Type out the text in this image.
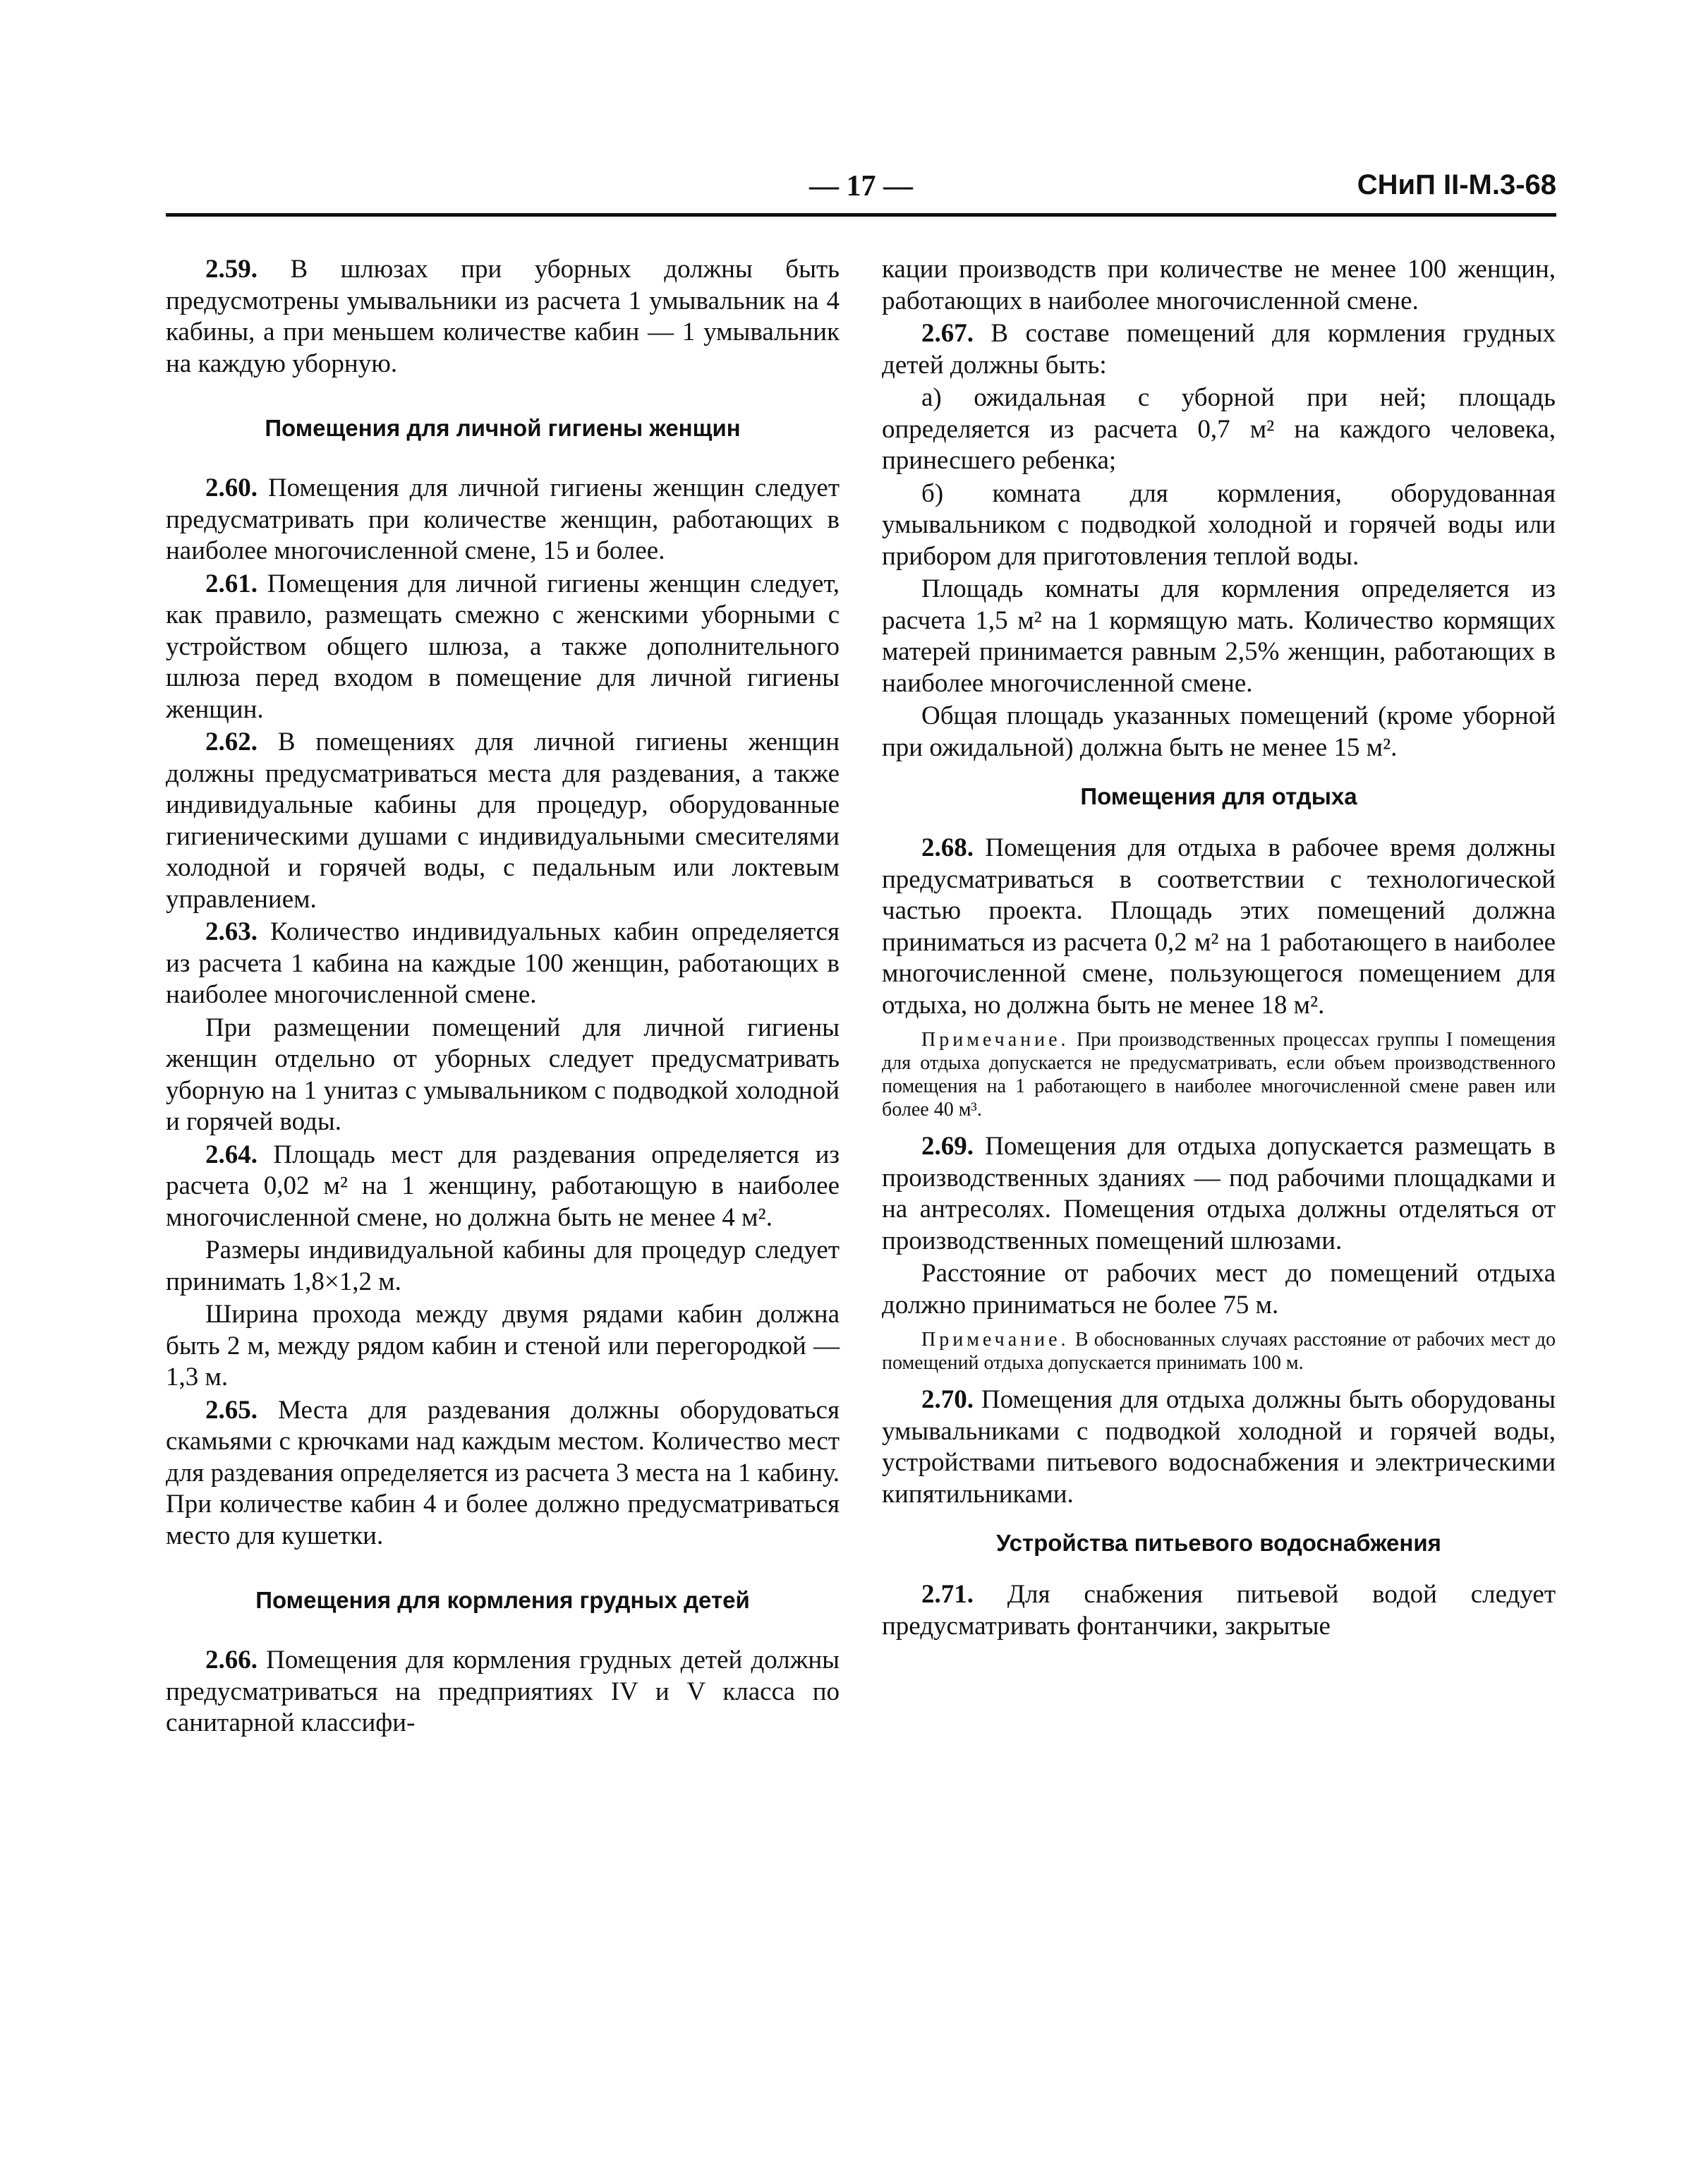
— 17 —	СНиП II-М.3-68

2.59. В шлюзах при уборных должны быть предусмотрены умывальники из расчета 1 умывальник на 4 кабины, а при меньшем количестве кабин — 1 умывальник на каждую уборную.

Помещения для личной гигиены женщин

2.60. Помещения для личной гигиены женщин следует предусматривать при количестве женщин, работающих в наиболее многочисленной смене, 15 и более.

2.61. Помещения для личной гигиены женщин следует, как правило, размещать смежно с женскими уборными с устройством общего шлюза, а также дополнительного шлюза перед входом в помещение для личной гигиены женщин.

2.62. В помещениях для личной гигиены женщин должны предусматриваться места для раздевания, а также индивидуальные кабины для процедур, оборудованные гигиеническими душами с индивидуальными смесителями холодной и горячей воды, с педальным или локтевым управлением.

2.63. Количество индивидуальных кабин определяется из расчета 1 кабина на каждые 100 женщин, работающих в наиболее многочисленной смене.

При размещении помещений для личной гигиены женщин отдельно от уборных следует предусматривать уборную на 1 унитаз с умывальником с подводкой холодной и горячей воды.

2.64. Площадь мест для раздевания определяется из расчета 0,02 м² на 1 женщину, работающую в наиболее многочисленной смене, но должна быть не менее 4 м².

Размеры индивидуальной кабины для процедур следует принимать 1,8×1,2 м.

Ширина прохода между двумя рядами кабин должна быть 2 м, между рядом кабин и стеной или перегородкой — 1,3 м.

2.65. Места для раздевания должны оборудоваться скамьями с крючками над каждым местом. Количество мест для раздевания определяется из расчета 3 места на 1 кабину. При количестве кабин 4 и более должно предусматриваться место для кушетки.

Помещения для кормления грудных детей

2.66. Помещения для кормления грудных детей должны предусматриваться на предприятиях IV и V класса по санитарной классифи-

кации производств при количестве не менее 100 женщин, работающих в наиболее многочисленной смене.

2.67. В составе помещений для кормления грудных детей должны быть:

а) ожидальная с уборной при ней; площадь определяется из расчета 0,7 м² на каждого человека, принесшего ребенка;

б) комната для кормления, оборудованная умывальником с подводкой холодной и горячей воды или прибором для приготовления теплой воды.

Площадь комнаты для кормления определяется из расчета 1,5 м² на 1 кормящую мать. Количество кормящих матерей принимается равным 2,5% женщин, работающих в наиболее многочисленной смене.

Общая площадь указанных помещений (кроме уборной при ожидальной) должна быть не менее 15 м².

Помещения для отдыха

2.68. Помещения для отдыха в рабочее время должны предусматриваться в соответствии с технологической частью проекта. Площадь этих помещений должна приниматься из расчета 0,2 м² на 1 работающего в наиболее многочисленной смене, пользующегося помещением для отдыха, но должна быть не менее 18 м².

Примечание. При производственных процессах группы I помещения для отдыха допускается не предусматривать, если объем производственного помещения на 1 работающего в наиболее многочисленной смене равен или более 40 м³.

2.69. Помещения для отдыха допускается размещать в производственных зданиях — под рабочими площадками и на антресолях. Помещения отдыха должны отделяться от производственных помещений шлюзами.

Расстояние от рабочих мест до помещений отдыха должно приниматься не более 75 м.

Примечание. В обоснованных случаях расстояние от рабочих мест до помещений отдыха допускается принимать 100 м.

2.70. Помещения для отдыха должны быть оборудованы умывальниками с подводкой холодной и горячей воды, устройствами питьевого водоснабжения и электрическими кипятильниками.

Устройства питьевого водоснабжения

2.71. Для снабжения питьевой водой следует предусматривать фонтанчики, закрытые
